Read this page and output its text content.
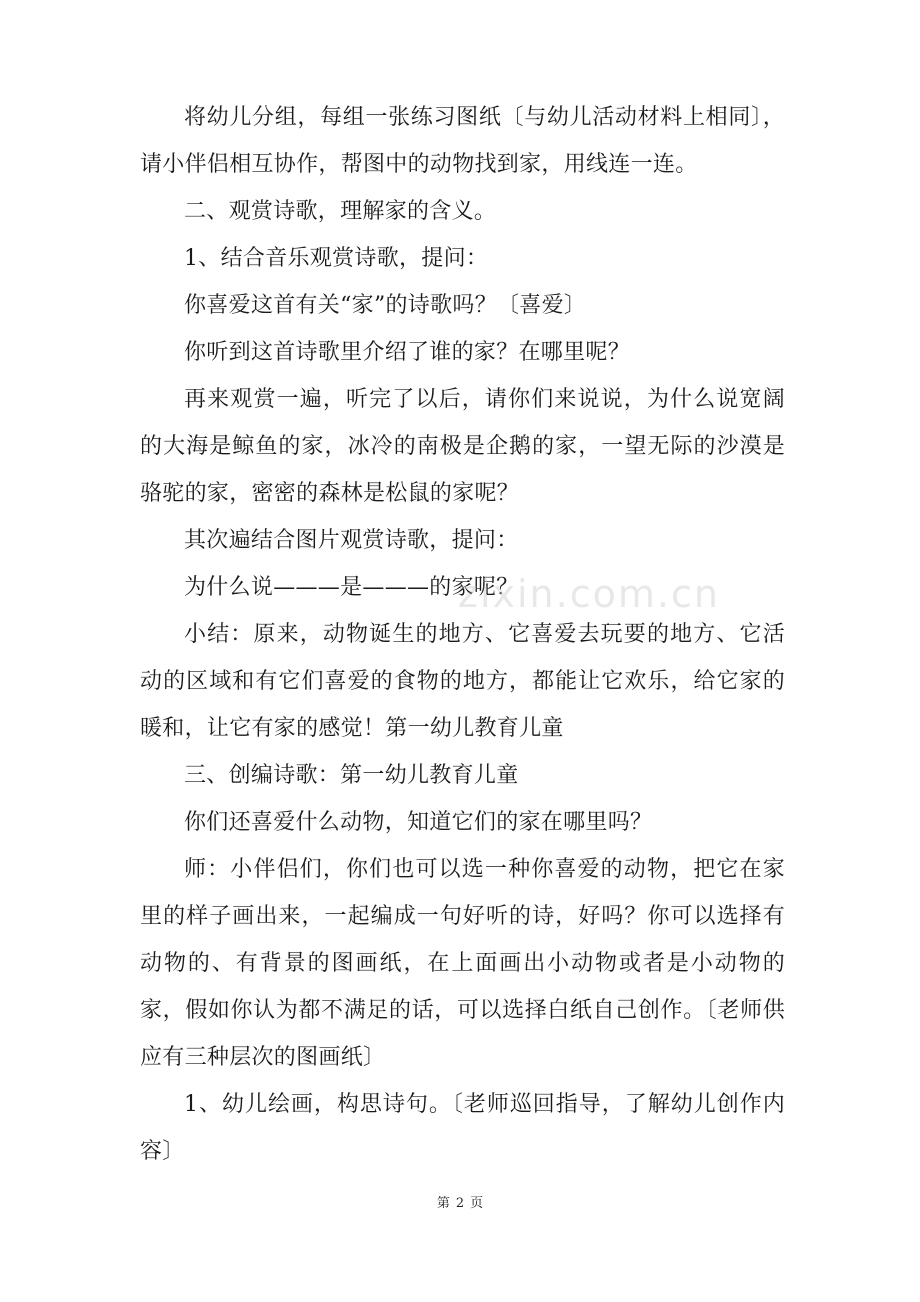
将幼儿分组，每组一张练习图纸〔与幼儿活动材料上相同〕，请小伴侣相互协作，帮图中的动物找到家，用线连一连。

二、观赏诗歌，理解家的含义。

1、结合音乐观赏诗歌，提问：

你喜爱这首有关“家”的诗歌吗？〔喜爱〕

你听到这首诗歌里介绍了谁的家？在哪里呢？

再来观赏一遍，听完了以后，请你们来说说，为什么说宽阔的大海是鲸鱼的家，冰冷的南极是企鹅的家，一望无际的沙漠是骆驼的家，密密的森林是松鼠的家呢？

其次遍结合图片观赏诗歌，提问：

为什么说———是———的家呢？

小结：原来，动物诞生的地方、它喜爱去玩要的地方、它活动的区域和有它们喜爱的食物的地方，都能让它欢乐，给它家的暖和，让它有家的感觉！第一幼儿教育儿童

三、创编诗歌：第一幼儿教育儿童

你们还喜爱什么动物，知道它们的家在哪里吗？

师：小伴侣们，你们也可以选一种你喜爱的动物，把它在家里的样子画出来，一起编成一句好听的诗，好吗？你可以选择有动物的、有背景的图画纸，在上面画出小动物或者是小动物的家，假如你认为都不满足的话，可以选择白纸自己创作。〔老师供应有三种层次的图画纸〕

1、幼儿绘画，构思诗句。〔老师巡回指导，了解幼儿创作内容〕

zixin.com.cn
第 2 页
